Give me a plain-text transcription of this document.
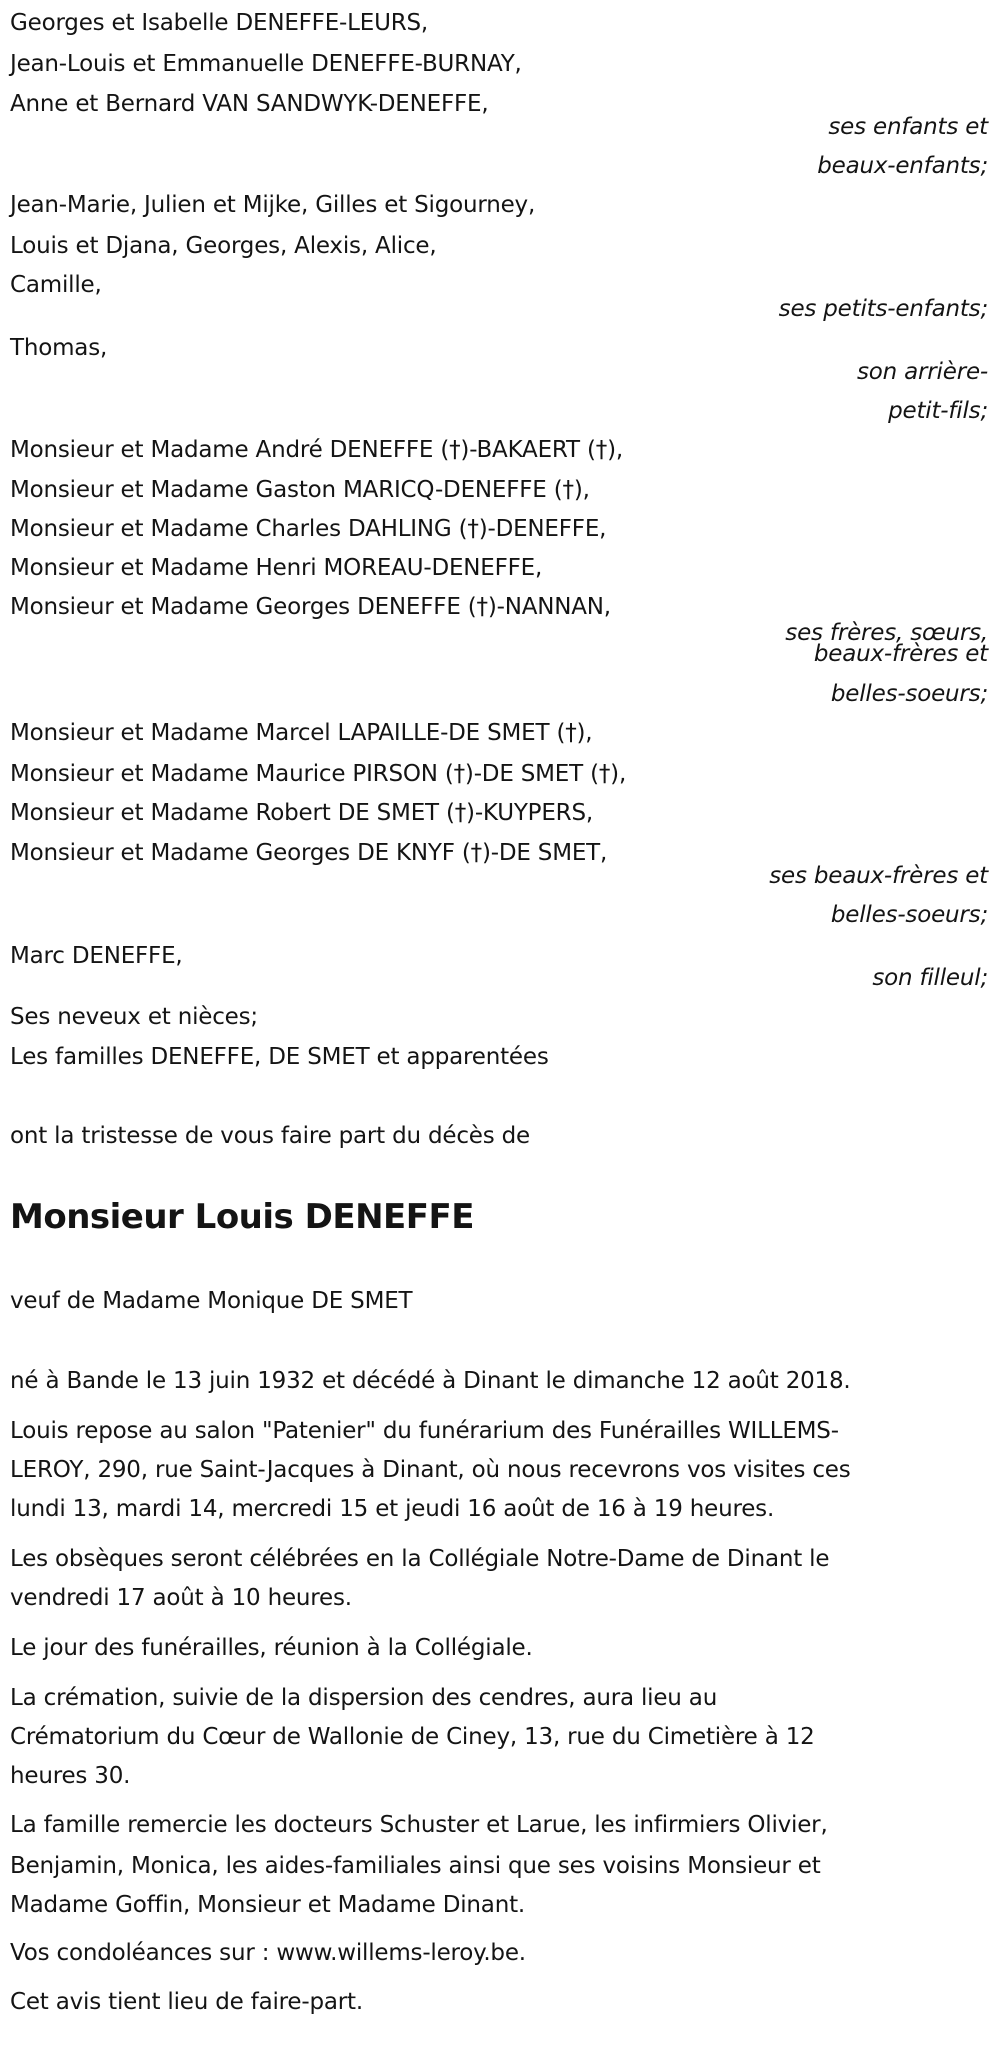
Georges et Isabelle DENEFFE-LEURS,
Jean-Louis et Emmanuelle DENEFFE-BURNAY,
Anne et Bernard VAN SANDWYK-DENEFFE,
ses enfants et
beaux-enfants;
Jean-Marie, Julien et Mijke, Gilles et Sigourney,
Louis et Djana, Georges, Alexis, Alice,
Camille,
ses petits-enfants;
Thomas,
son arrière-
petit-fils;
Monsieur et Madame André DENEFFE (†)-BAKAERT (†),
Monsieur et Madame Gaston MARICQ-DENEFFE (†),
Monsieur et Madame Charles DAHLING (†)-DENEFFE,
Monsieur et Madame Henri MOREAU-DENEFFE,
Monsieur et Madame Georges DENEFFE (†)-NANNAN,
ses frères, sœurs,
beaux-frères et
belles-soeurs;
Monsieur et Madame Marcel LAPAILLE-DE SMET (†),
Monsieur et Madame Maurice PIRSON (†)-DE SMET (†),
Monsieur et Madame Robert DE SMET (†)-KUYPERS,
Monsieur et Madame Georges DE KNYF (†)-DE SMET,
ses beaux-frères et
belles-soeurs;
Marc DENEFFE,
son filleul;
Ses neveux et nièces;
Les familles DENEFFE, DE SMET et apparentées
ont la tristesse de vous faire part du décès de
Monsieur Louis DENEFFE
veuf de Madame Monique DE SMET
né à Bande le 13 juin 1932 et décédé à Dinant le dimanche 12 août 2018.
Louis repose au salon "Patenier" du funérarium des Funérailles WILLEMS-
LEROY, 290, rue Saint-Jacques à Dinant, où nous recevrons vos visites ces
lundi 13, mardi 14, mercredi 15 et jeudi 16 août de 16 à 19 heures.
Les obsèques seront célébrées en la Collégiale Notre-Dame de Dinant le
vendredi 17 août à 10 heures.
Le jour des funérailles, réunion à la Collégiale.
La crémation, suivie de la dispersion des cendres, aura lieu au
Crématorium du Cœur de Wallonie de Ciney, 13, rue du Cimetière à 12
heures 30.
La famille remercie les docteurs Schuster et Larue, les infirmiers Olivier,
Benjamin, Monica, les aides-familiales ainsi que ses voisins Monsieur et
Madame Goffin, Monsieur et Madame Dinant.
Vos condoléances sur : www.willems-leroy.be.
Cet avis tient lieu de faire-part.
